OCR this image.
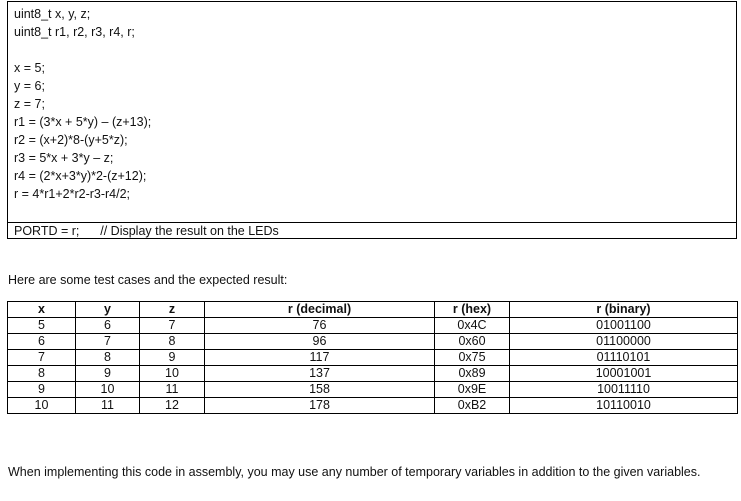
uint8_t x, y, z;
uint8_t r1, r2, r3, r4, r;
x = 5;
y = 6;
z = 7;
r1 = (3*x + 5*y) – (z+13);
r2 = (x+2)*8-(y+5*z);
r3 = 5*x + 3*y – z;
r4 = (2*x+3*y)*2-(z+12);
r = 4*r1+2*r2-r3-r4/2;
PORTD = r;      // Display the result on the LEDs
Here are some test cases and the expected result:
x	y	z	r (decimal)	r (hex)	r (binary)
5	6	7	76	0x4C	01001100
6	7	8	96	0x60	01100000
7	8	9	117	0x75	01110101
8	9	10	137	0x89	10001001
9	10	11	158	0x9E	10011110
10	11	12	178	0xB2	10110010
When implementing this code in assembly, you may use any number of temporary variables in addition to the given variables.
